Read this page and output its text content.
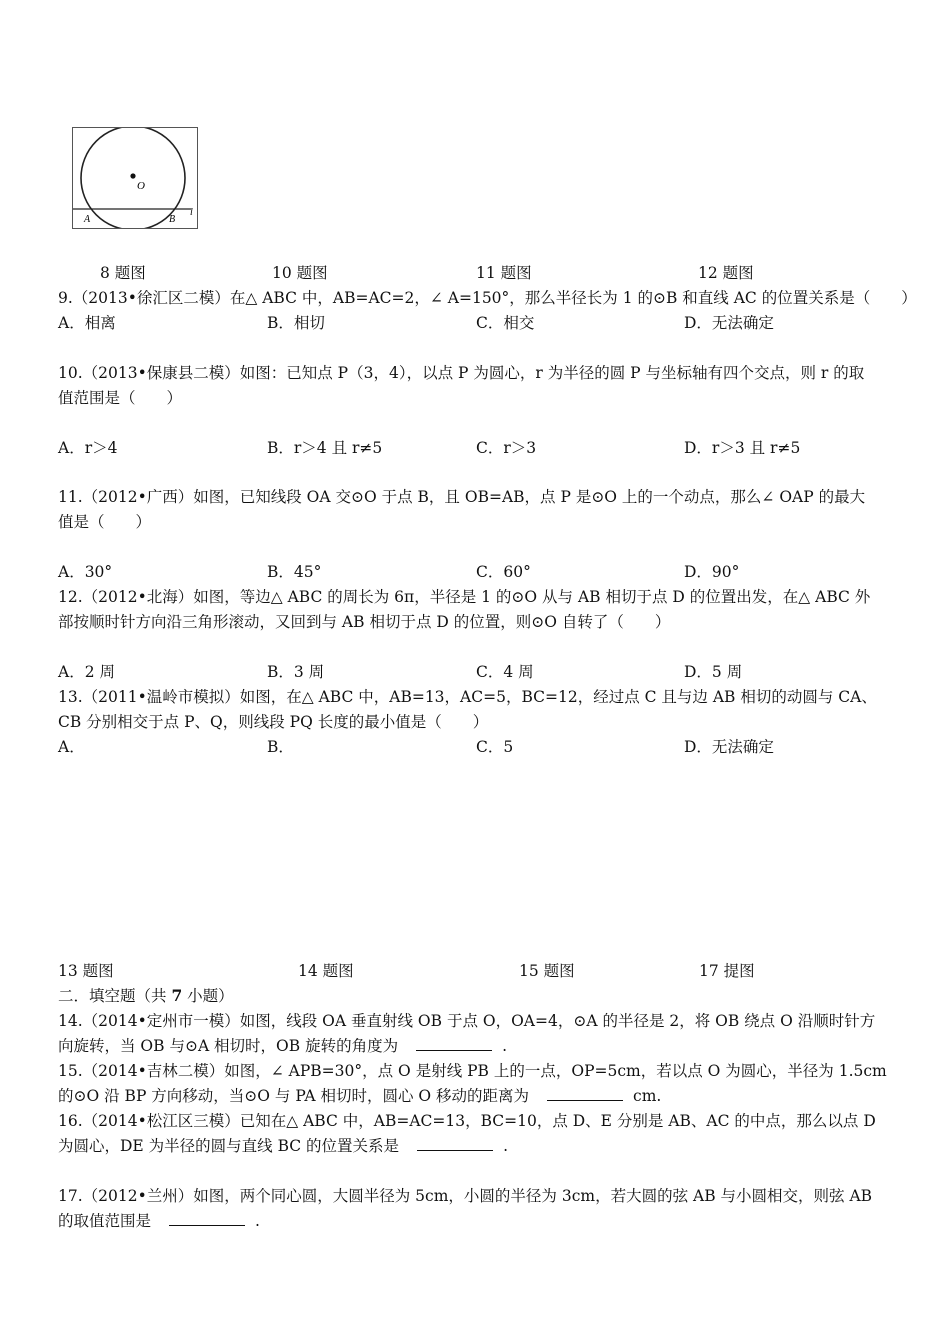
O
A	B
l
8 题图	10 题图	11 题图	12 题图
9.（2013•徐汇区二模）在△ ABC 中，AB=AC=2，∠ A=150°，那么半径长为 1 的⊙B 和直线 AC 的位置关系是（　　）
A．相离	B．相切	C．相交	D．无法确定
10.（2013•保康县二模）如图：已知点 P（3，4），以点 P 为圆心，r 为半径的圆 P 与坐标轴有四个交点，则 r 的取
值范围是（　　）
A．r＞4	B．r＞4 且 r≠5	C．r＞3	D．r＞3 且 r≠5
11.（2012•广西）如图，已知线段 OA 交⊙O 于点 B，且 OB=AB，点 P 是⊙O 上的一个动点，那么∠ OAP 的最大
值是（　　）
A．30°	B．45°	C．60°	D．90°
12.（2012•北海）如图，等边△ ABC 的周长为 6π，半径是 1 的⊙O 从与 AB 相切于点 D 的位置出发，在△ ABC 外
部按顺时针方向沿三角形滚动，又回到与 AB 相切于点 D 的位置，则⊙O 自转了（　　）
A．2 周	B．3 周	C．4 周	D．5 周
13.（2011•温岭市模拟）如图，在△ ABC 中，AB=13，AC=5，BC=12，经过点 C 且与边 AB 相切的动圆与 CA、
CB 分别相交于点 P、Q，则线段 PQ 长度的最小值是（　　）
A．	B．	C．5	D．无法确定
13 题图	14 题图	15 题图	17 提图
二．填空题（共 7 小题）
14.（2014•定州市一模）如图，线段 OA 垂直射线 OB 于点 O，OA=4，⊙A 的半径是 2，将 OB 绕点 O 沿顺时针方
向旋转，当 OB 与⊙A 相切时，OB 旋转的角度为	.
15.（2014•吉林二模）如图，∠ APB=30°，点 O 是射线 PB 上的一点，OP=5cm，若以点 O 为圆心，半径为 1.5cm
的⊙O 沿 BP 方向移动，当⊙O 与 PA 相切时，圆心 O 移动的距离为	cm.
16.（2014•松江区三模）已知在△ ABC 中，AB=AC=13，BC=10，点 D、E 分别是 AB、AC 的中点，那么以点 D
为圆心，DE 为半径的圆与直线 BC 的位置关系是	.
17.（2012•兰州）如图，两个同心圆，大圆半径为 5cm，小圆的半径为 3cm，若大圆的弦 AB 与小圆相交，则弦 AB
的取值范围是	.
